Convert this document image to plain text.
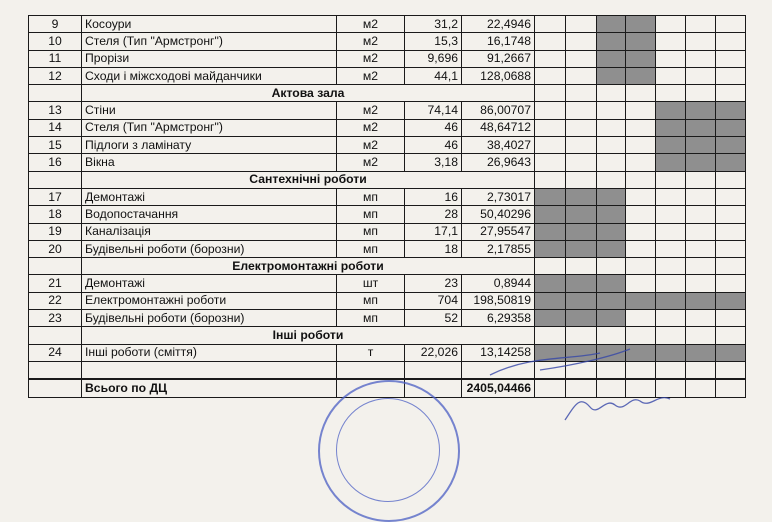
9	Косоури	м2	31,2	22,4946							
10	Стеля (Тип "Армстронг")	м2	15,3	16,1748							
11	Прорізи	м2	9,696	91,2667							
12	Сходи і міжсходові майданчики	м2	44,1	128,0688							
	Актова зала										
13	Стіни	м2	74,14	86,00707							
14	Стеля (Тип "Армстронг")	м2	46	48,64712							
15	Підлоги з ламінату	м2	46	38,4027							
16	Вікна	м2	3,18	26,9643							
	Сантехнічні роботи										
17	Демонтажі	мп	16	2,73017							
18	Водопостачання	мп	28	50,40296							
19	Каналізація	мп	17,1	27,95547							
20	Будівельні роботи (борозни)	мп	18	2,17855							
	Електромонтажні роботи										
21	Демонтажі	шт	23	0,8944							
22	Електромонтажні роботи	мп	704	198,50819							
23	Будівельні роботи (борозни)	мп	52	6,29358							
	Інші роботи										
24	Інші роботи (сміття)	т	22,026	13,14258							

	Всього по ДЦ			2405,04466							
